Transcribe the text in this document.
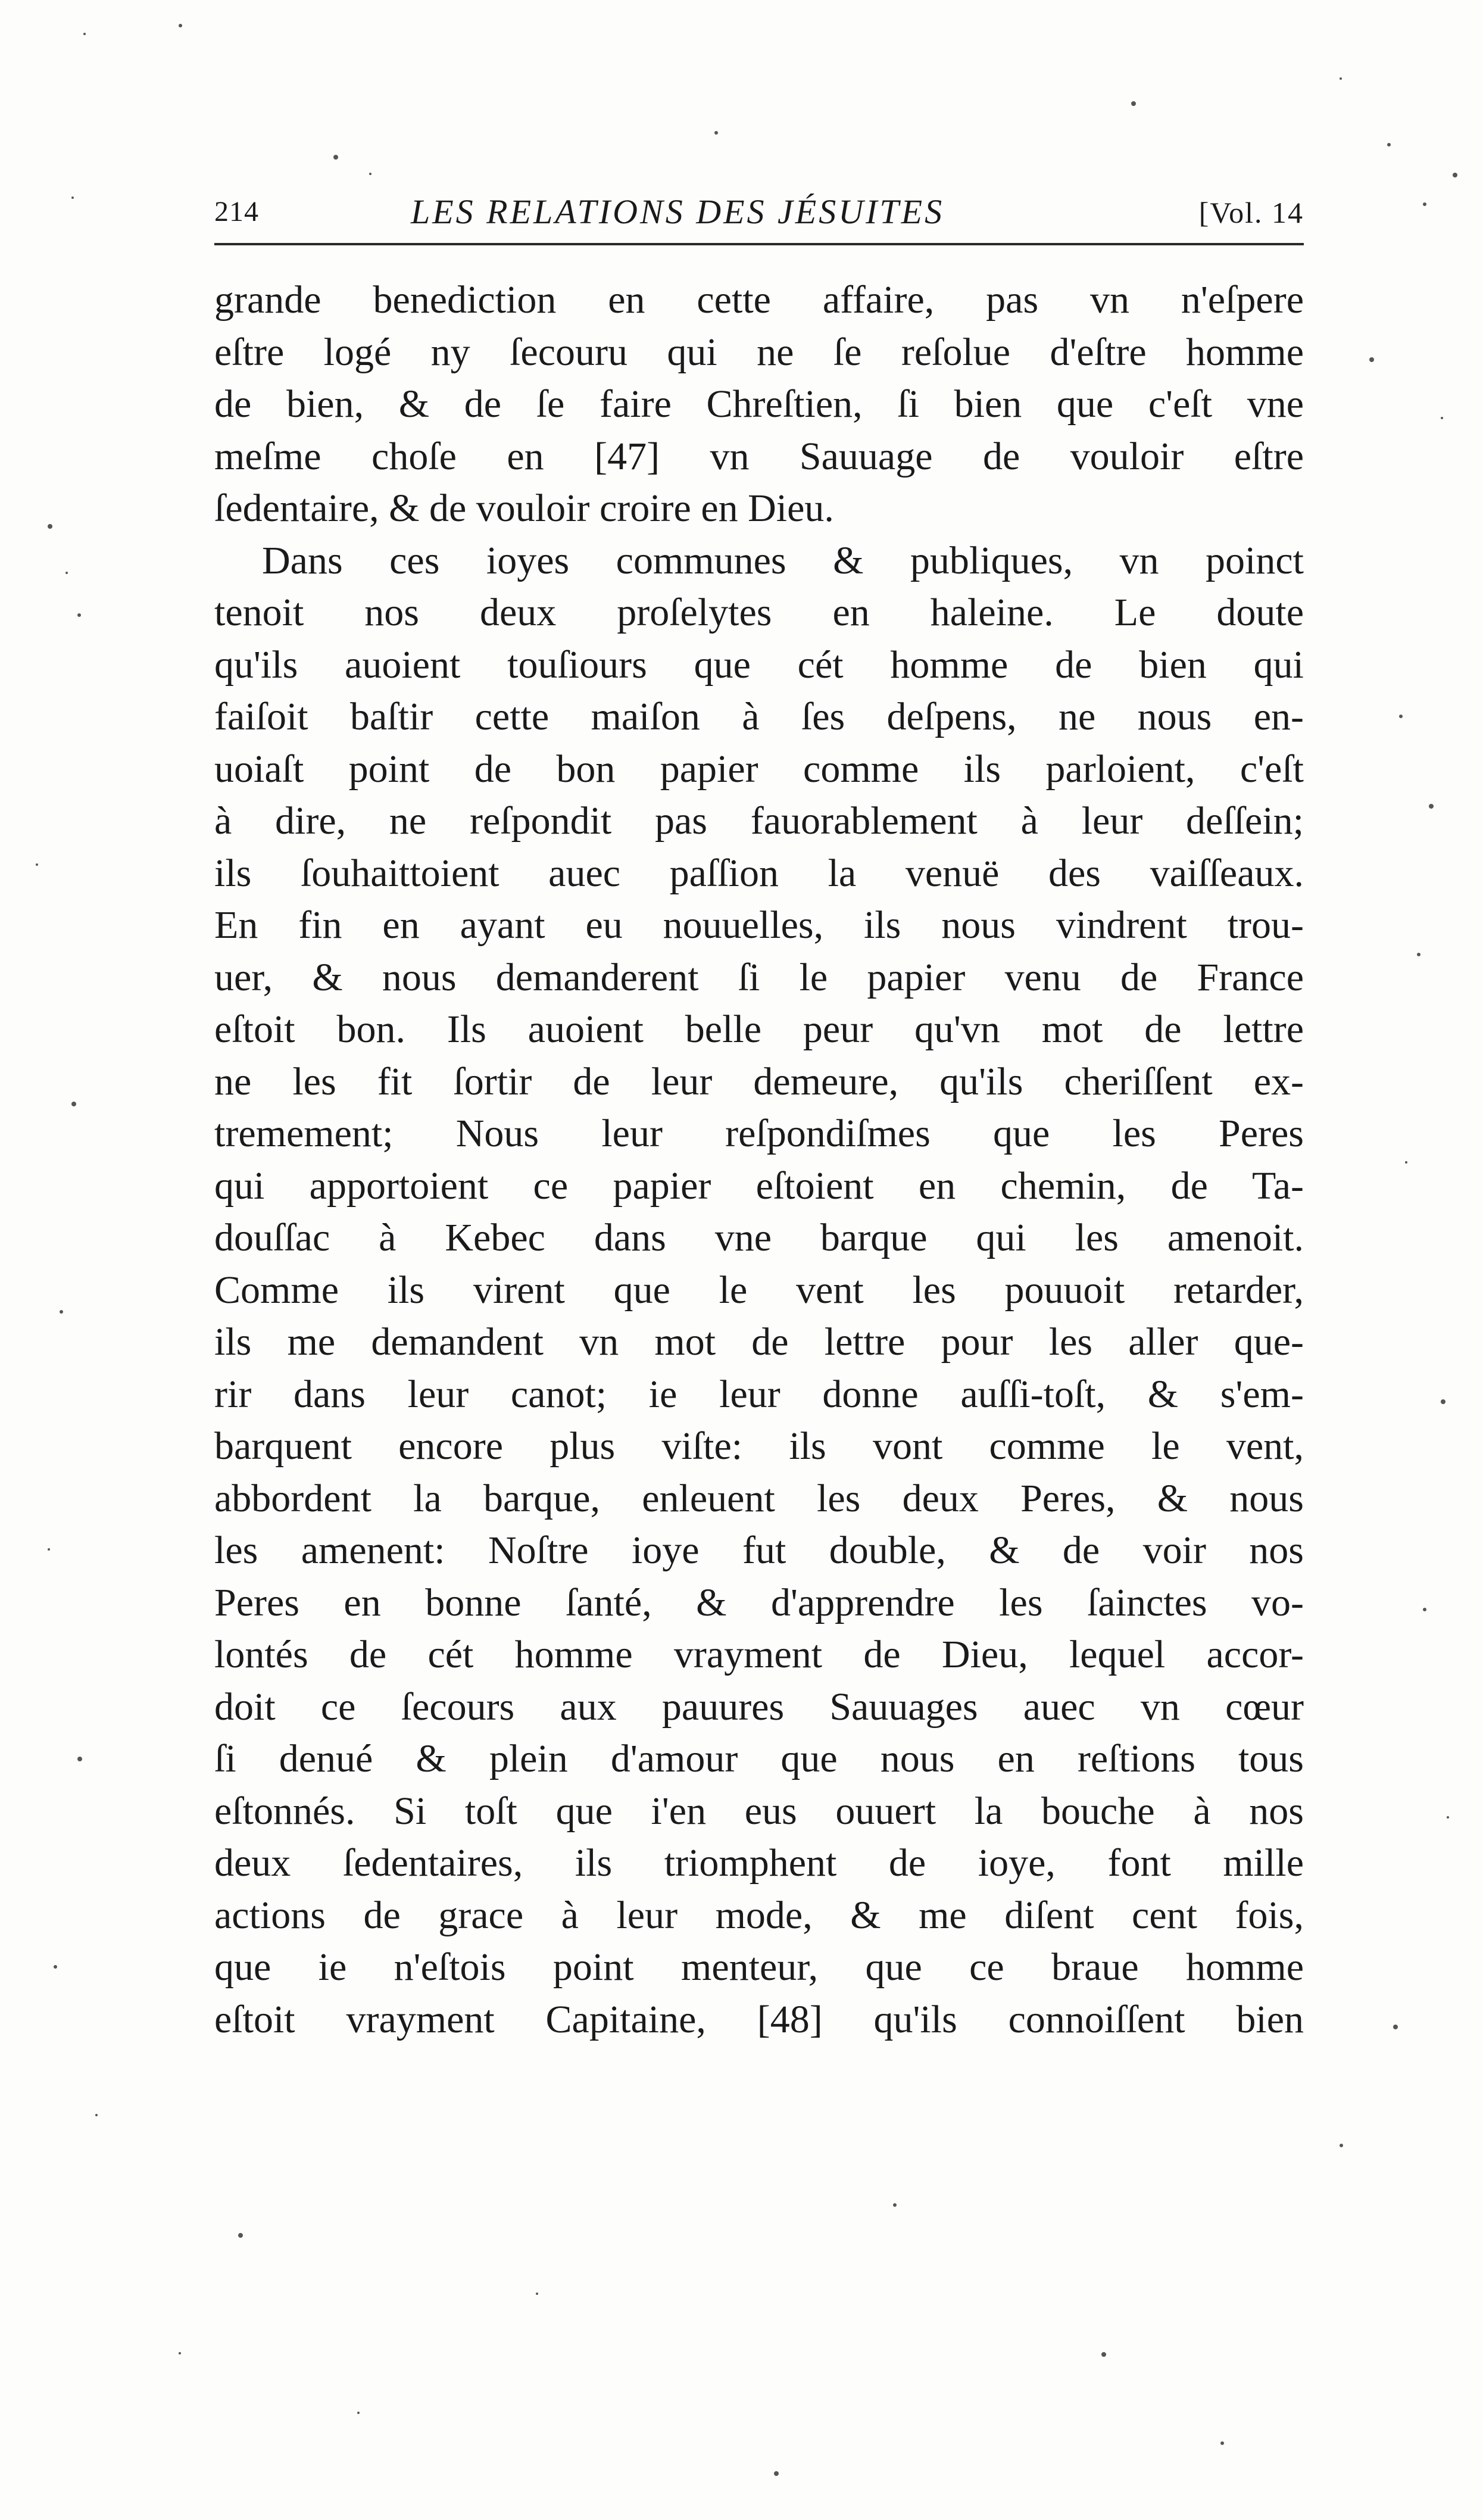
214	LES RELATIONS DES JÉSUITES	[Vol. 14
grande benediction en cette affaire, pas vn n'eſpere
eſtre logé ny ſecouru qui ne ſe reſolue d'eſtre homme
de bien, & de ſe faire Chreſtien, ſi bien que c'eſt vne
meſme choſe en [47] vn Sauuage de vouloir eſtre
ſedentaire, & de vouloir croire en Dieu.
Dans ces ioyes communes & publiques, vn poinct
tenoit nos deux proſelytes en haleine. Le doute
qu'ils auoient touſiours que cét homme de bien qui
faiſoit baſtir cette maiſon à ſes deſpens, ne nous en-
uoiaſt point de bon papier comme ils parloient, c'eſt
à dire, ne reſpondit pas fauorablement à leur deſſein;
ils ſouhaittoient auec paſſion la venuë des vaiſſeaux.
En fin en ayant eu nouuelles, ils nous vindrent trou-
uer, & nous demanderent ſi le papier venu de France
eſtoit bon. Ils auoient belle peur qu'vn mot de lettre
ne les fit ſortir de leur demeure, qu'ils cheriſſent ex-
tremement; Nous leur reſpondiſmes que les Peres
qui apportoient ce papier eſtoient en chemin, de Ta-
douſſac à Kebec dans vne barque qui les amenoit.
Comme ils virent que le vent les pouuoit retarder,
ils me demandent vn mot de lettre pour les aller que-
rir dans leur canot; ie leur donne auſſi-toſt, & s'em-
barquent encore plus viſte: ils vont comme le vent,
abbordent la barque, enleuent les deux Peres, & nous
les amenent: Noſtre ioye fut double, & de voir nos
Peres en bonne ſanté, & d'apprendre les ſainctes vo-
lontés de cét homme vrayment de Dieu, lequel accor-
doit ce ſecours aux pauures Sauuages auec vn cœur
ſi denué & plein d'amour que nous en reſtions tous
eſtonnés. Si toſt que i'en eus ouuert la bouche à nos
deux ſedentaires, ils triomphent de ioye, font mille
actions de grace à leur mode, & me diſent cent fois,
que ie n'eſtois point menteur, que ce braue homme
eſtoit vrayment Capitaine, [48] qu'ils connoiſſent bien
